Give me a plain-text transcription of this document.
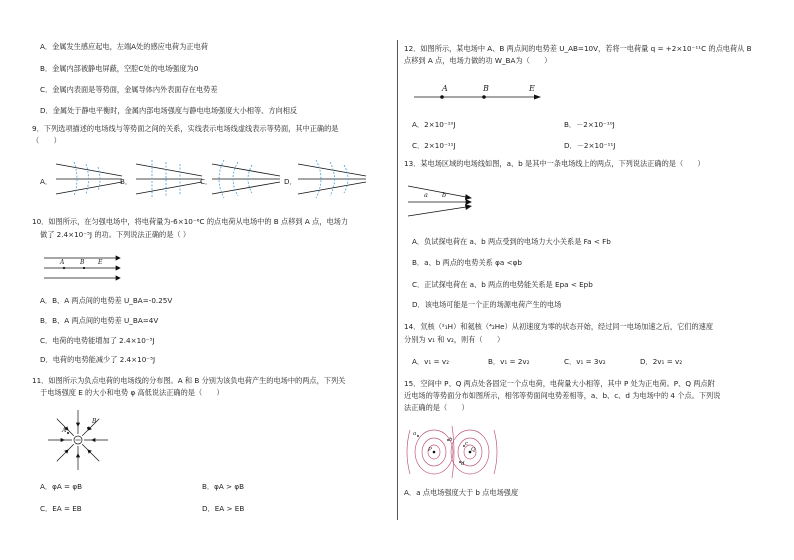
A．金属发生感应起电，左端A处的感应电荷为正电荷
B．金属内部被静电屏蔽，空腔C处的电场强度为0
C．金属内表面是等势面，金属导体内外表面存在电势差
D．金属处于静电平衡时，金属内部电场强度与静电电场强度大小相等、方向相反
9．下列选项描述的电场线与等势面之间的关系，实线表示电场线虚线表示等势面，其中正确的是
（　　）
A．	B．	C．	D．
10．如图所示，在匀强电场中，将电荷量为-6×10⁻⁶C 的点电荷从电场中的 B 点移到 A 点，电场力
做了 2.4×10⁻⁵J 的功。下列说法正确的是（ ）
A	B E
A．B、A 两点间的电势差 U_BA=-0.25V
B．B、A 两点间的电势差 U_BA=4V
C．电荷的电势能增加了 2.4×10⁻⁵J
D．电荷的电势能减少了 2.4×10⁻⁵J
11．如图所示为负点电荷的电场线的分布图。A 和 B 分别为该负电荷产生的电场中的两点，下列关
于电场强度 E 的大小和电势 φ 高低说法正确的是（　　）
A
B
A．φA = φB	B．φA > φB
C．EA = EB	D．EA > EB
12．如图所示，某电场中 A、B 两点间的电势差 U_AB=10V，若将一电荷量 q = +2×10⁻¹¹C 的点电荷从 B
点移到 A 点，电场力做的功 W_BA为（　　）
A	B	E
A．2×10⁻¹⁰J	B．－2×10⁻¹⁰J
C．2×10⁻¹¹J	D．－2×10⁻¹¹J
13．某电场区域的电场线如图，a、b 是其中一条电场线上的两点，下列说法正确的是（　　）
a b
A．负试探电荷在 a、b 两点受到的电场力大小关系是 Fa < Fb
B．a、b 两点的电势关系 φa <φb
C．正试探电荷在 a、b 两点的电势能关系是 Epa < Epb
D．该电场可能是一个正的场源电荷产生的电场
14．氘核（²₁H）和氦核（⁴₂He）从初速度为零的状态开始，经过同一电场加速之后，它们的速度
分别为 v₁ 和 v₂，则有（　　）
A．v₁ = v₂	B．v₁ = 2v₂	C．v₁ = 3v₂	D．2v₁ = v₂
15．空间中 P、Q 两点处各固定一个点电荷，电荷量大小相等，其中 P 处为正电荷。P、Q 两点附
近电场的等势面分布如图所示，相邻等势面间电势差相等，a、b、c、d 为电场中的 4 个点。下列说
法正确的是（　　）
P	Q
a
b
c
d
A．a 点电场强度大于 b 点电场强度
